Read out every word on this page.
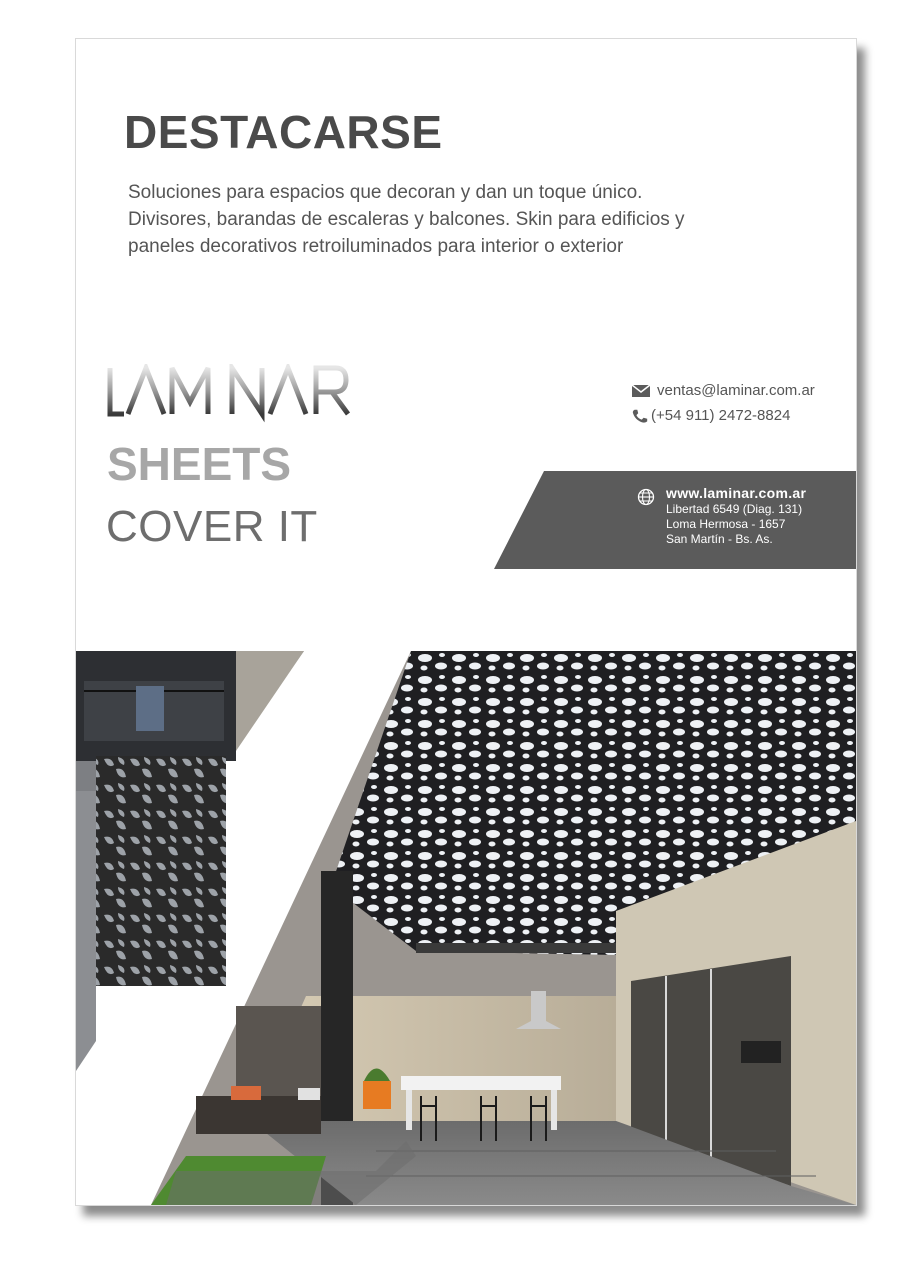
DESTACARSE
Soluciones para espacios que decoran y dan un toque único.
Divisores, barandas de escaleras y balcones. Skin para edificios y
paneles decorativos retroiluminados para interior o exterior

SHEETS

COVER IT

ventas@laminar.com.ar
(+54 911) 2472-8824
www.laminar.com.ar
Libertad 6549 (Diag. 131)
Loma Hermosa - 1657
San Martín - Bs. As.
